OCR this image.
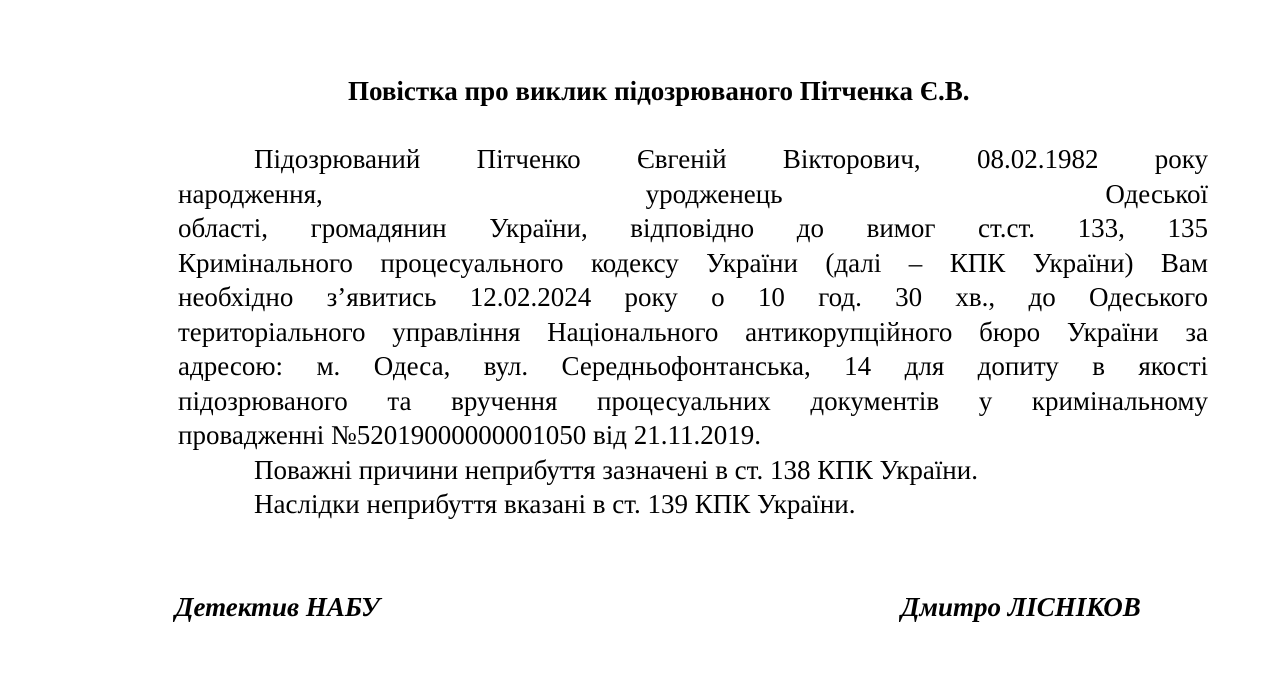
Повістка про виклик підозрюваного Пітченка Є.В.
Підозрюваний Пітченко Євгеній Вікторович, 08.02.1982 року
народження, уродженець Одеської
області, громадянин України, відповідно до вимог ст.ст. 133, 135
Кримінального процесуального кодексу України (далі – КПК України) Вам
необхідно з’явитись 12.02.2024 року о 10 год. 30 хв., до Одеського
територіального управління Національного антикорупційного бюро України за
адресою: м. Одеса, вул. Середньофонтанська, 14 для допиту в якості
підозрюваного та вручення процесуальних документів у кримінальному
провадженні №52019000000001050 від 21.11.2019.
Поважні причини неприбуття зазначені в ст. 138 КПК України.
Наслідки неприбуття вказані в ст. 139 КПК України.
Детектив НАБУ	Дмитро ЛІСНІКОВ
